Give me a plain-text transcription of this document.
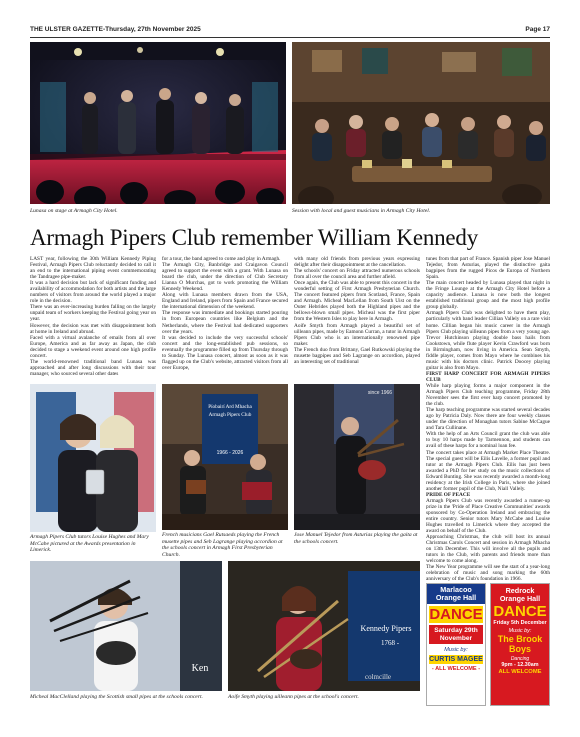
THE ULSTER GAZETTE-Thursday, 27th November 2025	Page 17
Lunasa on stage at Armagh City Hotel.	Session with local and guest musicians in Armagh City Hotel.
Armagh Pipers Club remember William Kennedy

LAST year, following the 30th William Kennedy Piping Festival, Armagh Pipers Club reluctantly decided to call it an end to the international piping event commemorating the Tandragee pipe-maker.

It was a hard decision but lack of significant funding and availability of accommodation for both artists and the large numbers of visitors from around the world played a major role in the decision.

There was an ever-increasing burden falling on the largely unpaid team of workers keeping the Festival going year on year.

However, the decision was met with disappointment both at home in Ireland and abroad.

Faced with a virtual avalanche of emails from all over Europe, America and as far away as Japan, the club decided to stage a weekend event around one high profile concert.

The world-renowned traditional band Lunasa was approached and after long discussions with their tour manager, who sourced several other dates

for a tour, the band agreed to come and play in Armagh.

The Armagh City, Banbridge and Craigavon Council agreed to support the event with a grant. With Lunasa on board the club, under the direction of Club Secretary Lianna O Murchas, got to work promoting the William Kennedy Weekend.

Along with Lunasa members drawn from the USA, England and Ireland, pipers from Spain and France secured the international dimension of the weekend.

The response was immediate and bookings started pouring in from European countries like Belgium and the Netherlands, where the Festival had dedicated supporters over the years.

It was decided to include the very successful schools' concert and the long-established pub sessions, so eventually the programme filled up from Thursday through to Sunday. The Lunasa concert, almost as soon as it was flagged up on the Club's website, attracted visitors from all over Europe,

with many old friends from previous years expressing delight after their disappointment at the cancellation.

The schools' concert on Friday attracted numerous schools from all over the council area and further afield.

Once again, the Club was able to present this concert in the wonderful setting of First Armagh Presbyterian Church. The concert featured pipers from Scotland, France, Spain and Armagh. Micheal MacLellan from South Uist on the Outer Hebrides played both the Highland pipes and the bellows-blown small pipes. Micheal was the first piper from the Western Isles to play here in Armagh.

Aoife Smyth from Armagh played a beautiful set of uilleann pipes, made by Eamonn Curran, a tutor in Armagh Pipers Club who is an internationally renowned pipe maker.

The French duo from Brittany, Gael Rutkowski playing the musette bagpipes and Seb Lagrange on accordion, played an interesting set of traditional

tunes from that part of France. Spanish piper Jose Manuel Tejedor, from Asturias, played the distinctive gaita bagpipes from the rugged Picos de Europa of Northern Spain.

The main concert headed by Lunasa played that night in the Fringe Lounge at the Armagh City Hotel before a capacity audience. Lunasa is now both the longest established traditional group and the most high profile group globally.

Armagh Pipers Club was delighted to have them play, particularly with band leader Cillian Vallely on a rare visit home. Cillian began his music career in the Armagh Pipers Club playing uilleann pipes from a very young age. Trevor Hutchinson playing double bass hails from Cookstown, while flute player Kevin Crawford was born in Birmingham, now living in America. Sean Smyth, fiddle player, comes from Mayo where he combines his music with his doctors clinic. Patrick Doocey playing guitar is also from Mayo.

FIRST HARP CONCERT FOR ARMAGH PIPERS CLUB

While harp playing forms a major component in the Armagh Pipers Club teaching programme, Friday 28th November sees the first ever harp concert promoted by the club.

The harp teaching programme was started several decades ago by Patricia Daly. Now there are four weekly classes under the direction of Monaghan tutors Sabine McCague and Tara Cullinane.

With the help of an Arts Council grant the club was able to buy 10 harps made by Tarmennon, and students can avail of these harps for a nominal loan fee.

The concert takes place at Armagh Market Place Theatre. The special guest will be Eilis Lavelle, a former pupil and tutor at the Armagh Pipers Club. Eilis has just been awarded a PhD for her study on the music collections of Edward Bunting. She was recently awarded a month-long residency at the Irish College in Paris, where she joined another former pupil of the Club, Niall Vallely.

PRIDE OF PEACE

Armagh Pipers Club was recently awarded a runner-up prize in the 'Pride of Place Creative Communities' awards sponsored by Co-Operation Ireland and embracing the entire country. Senior tutors Mary McCabe and Louise Hughes travelled to Limerick where they accepted the award on behalf of the Club.

Approaching Christmas, the club will host its annual Christmas Carols Concert and session in Armagh Mhacha on 13th December. This will involve all the pupils and tutors in the Club, with parents and friends more than welcome to come along.

The New Year programme will see the start of a year-long celebration of music and song marking the 60th anniversary of the Club's foundation in 1966.

Armagh Pipers Club tutors Louise Hughes and Mary McCabe pictured at the Awards presentation in Limerick.
Píobairí Ard Mhacha
Armagh Pipers Club
1966 - 2026
French musicians Gael Rutsaeds playing the French musette pipes and Seb Lagrange playing accordion at the schools concert in Armagh First Presbyterian Church.
since 1966
Jose Manuel Tejedor from Asturias playing the gaita at the schools concert.
Ken
Micheal MacClelland playing the Scottish small pipes at the schools concert.
Kennedy Pipers
1768 -
colmcille
Aoife Smyth playing uilleann pipes at the school's concert.
Marlacoo
Orange Hall
DANCE
Saturday 29th
November
Music by:
CURTIS MAGEE
- ALL WELCOME -
Redrock
Orange Hall
DANCE
Friday 5th December
Music by:
The Brook
Boys
Dancing
9pm - 12.30am
ALL WELCOME
